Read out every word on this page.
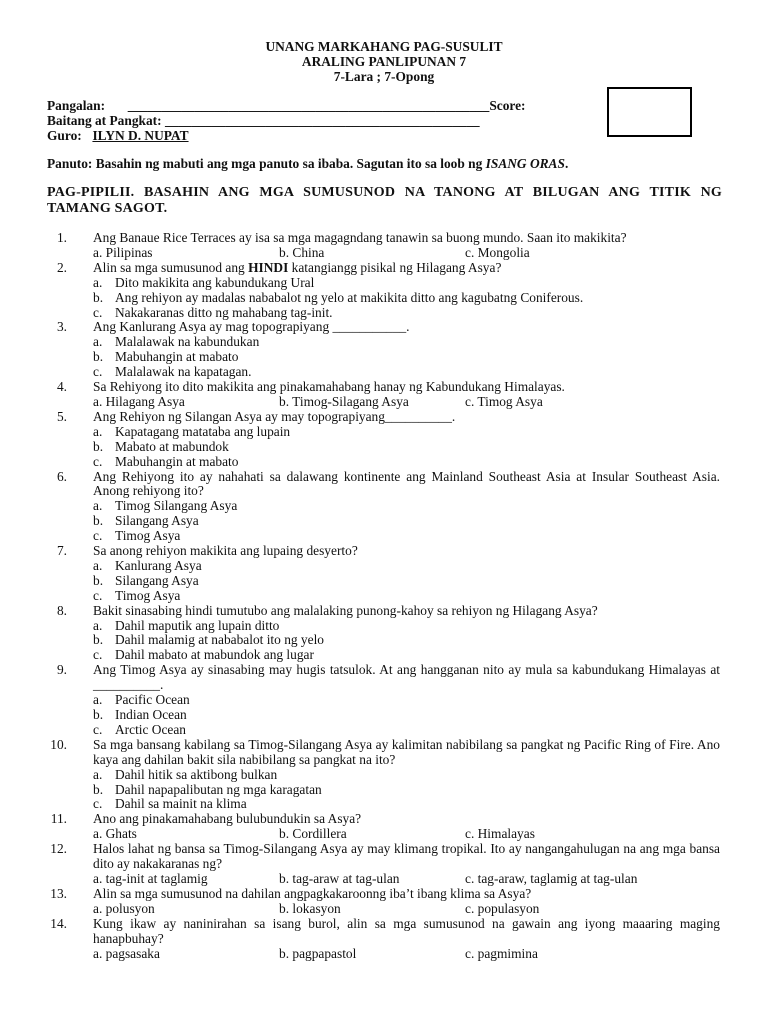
UNANG MARKAHANG PAG-SUSULIT
ARALING PANLIPUNAN 7
7-Lara ; 7-Opong
Pangalan: ______________________________________________________Score:
Baitang at Pangkat: _______________________________________________
Guro: ILYN D. NUPAT
Panuto: Basahin ng mabuti ang mga panuto sa ibaba. Sagutan ito sa loob ng ISANG ORAS.
PAG-PIPILII. BASAHIN ANG MGA SUMUSUNOD NA TANONG AT BILUGAN ANG TITIK NG TAMANG SAGOT.
1. Ang Banaue Rice Terraces ay isa sa mga magagndang tanawin sa buong mundo. Saan ito makikita?
a. Pilipinas	b. China	c. Mongolia
2. Alin sa mga sumusunod ang HINDI katangiangg pisikal ng Hilagang Asya?
a. Dito makikita ang kabundukang Ural
b. Ang rehiyon ay madalas nababalot ng yelo at makikita ditto ang kagubatng Coniferous.
c. Nakakaranas ditto ng mahabang tag-init.
3. Ang Kanlurang Asya ay mag topograpiyang ___________.
a. Malalawak na kabundukan
b. Mabuhangin at mabato
c. Malalawak na kapatagan.
4. Sa Rehiyong ito dito makikita ang pinakamahabang hanay ng Kabundukang Himalayas.
a. Hilagang Asya	b. Timog-Silagang Asya	c. Timog Asya
5. Ang Rehiyon ng Silangan Asya ay may topograpiyang__________.
a. Kapatagang matataba ang lupain
b. Mabato at mabundok
c. Mabuhangin at mabato
6. Ang Rehiyong ito ay nahahati sa dalawang kontinente ang Mainland Southeast Asia at Insular Southeast Asia. Anong rehiyong ito?
a. Timog Silangang Asya
b. Silangang Asya
c. Timog Asya
7. Sa anong rehiyon makikita ang lupaing desyerto?
a. Kanlurang Asya
b. Silangang Asya
c. Timog Asya
8. Bakit sinasabing hindi tumutubo ang malalaking punong-kahoy sa rehiyon ng Hilagang Asya?
a. Dahil maputik ang lupain ditto
b. Dahil malamig at nababalot ito ng yelo
c. Dahil mabato at mabundok ang lugar
9. Ang Timog Asya ay sinasabing may hugis tatsulok. At ang hangganan nito ay mula sa kabundukang Himalayas at __________.
a. Pacific Ocean
b. Indian Ocean
c. Arctic Ocean
10. Sa mga bansang kabilang sa Timog-Silangang Asya ay kalimitan nabibilang sa pangkat ng Pacific Ring of Fire. Ano kaya ang dahilan bakit sila nabibilang sa pangkat na ito?
a. Dahil hitik sa aktibong bulkan
b. Dahil napapalibutan ng mga karagatan
c. Dahil sa mainit na klima
11. Ano ang pinakamahabang bulubundukin sa Asya?
a. Ghats	b. Cordillera	c. Himalayas
12. Halos lahat ng bansa sa Timog-Silangang Asya ay may klimang tropikal. Ito ay nangangahulugan na ang mga bansa dito ay nakakaranas ng?
a. tag-init at taglamig	b. tag-araw at tag-ulan	c. tag-araw, taglamig at tag-ulan
13. Alin sa mga sumusunod na dahilan angpagkakaroonng iba’t ibang klima sa Asya?
a. polusyon	b. lokasyon	c. populasyon
14. Kung ikaw ay naninirahan sa isang burol, alin sa mga sumusunod na gawain ang iyong maaaring maging hanapbuhay?
a. pagsasaka	b. pagpapastol	c. pagmimina
